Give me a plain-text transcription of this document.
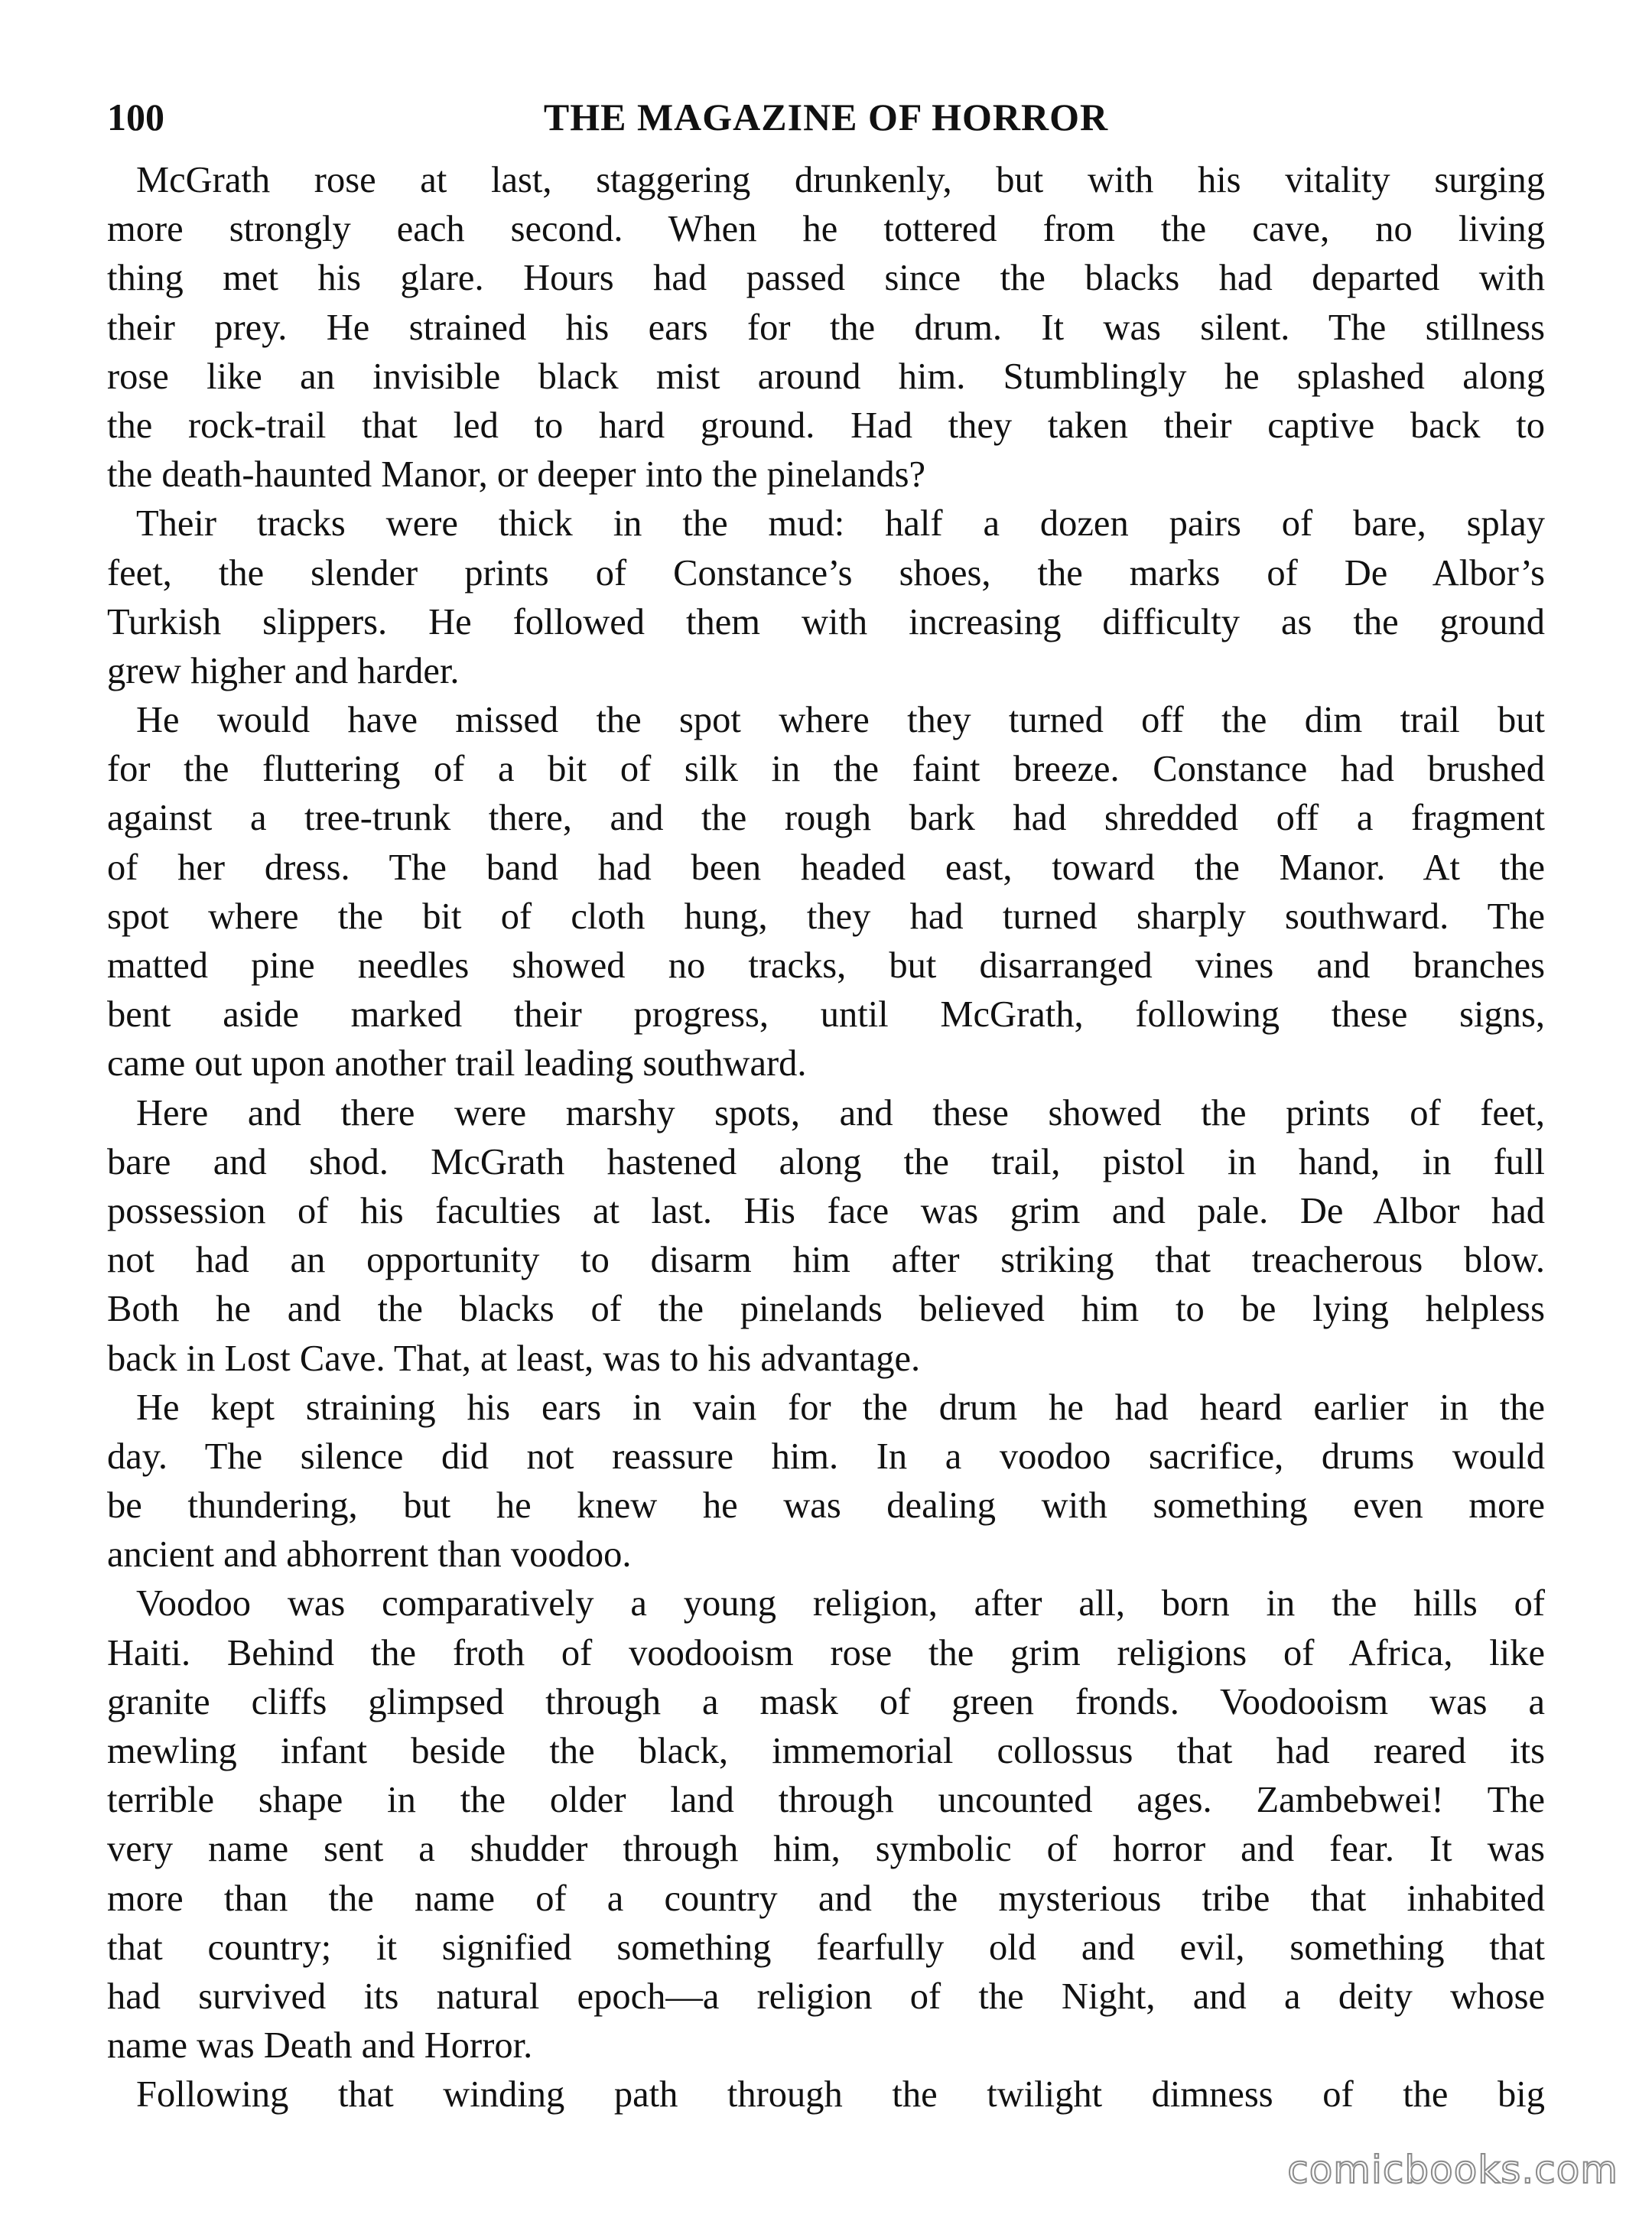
100	THE MAGAZINE OF HORROR
McGrath rose at last, staggering drunkenly, but with his vitality surging
more strongly each second. When he tottered from the cave, no living
thing met his glare. Hours had passed since the blacks had departed with
their prey. He strained his ears for the drum. It was silent. The stillness
rose like an invisible black mist around him. Stumblingly he splashed along
the rock-trail that led to hard ground. Had they taken their captive back to
the death-haunted Manor, or deeper into the pinelands?
Their tracks were thick in the mud: half a dozen pairs of bare, splay
feet, the slender prints of Constance’s shoes, the marks of De Albor’s
Turkish slippers. He followed them with increasing difficulty as the ground
grew higher and harder.
He would have missed the spot where they turned off the dim trail but
for the fluttering of a bit of silk in the faint breeze. Constance had brushed
against a tree-trunk there, and the rough bark had shredded off a fragment
of her dress. The band had been headed east, toward the Manor. At the
spot where the bit of cloth hung, they had turned sharply southward. The
matted pine needles showed no tracks, but disarranged vines and branches
bent aside marked their progress, until McGrath, following these signs,
came out upon another trail leading southward.
Here and there were marshy spots, and these showed the prints of feet,
bare and shod. McGrath hastened along the trail, pistol in hand, in full
possession of his faculties at last. His face was grim and pale. De Albor had
not had an opportunity to disarm him after striking that treacherous blow.
Both he and the blacks of the pinelands believed him to be lying helpless
back in Lost Cave. That, at least, was to his advantage.
He kept straining his ears in vain for the drum he had heard earlier in the
day. The silence did not reassure him. In a voodoo sacrifice, drums would
be thundering, but he knew he was dealing with something even more
ancient and abhorrent than voodoo.
Voodoo was comparatively a young religion, after all, born in the hills of
Haiti. Behind the froth of voodooism rose the grim religions of Africa, like
granite cliffs glimpsed through a mask of green fronds. Voodooism was a
mewling infant beside the black, immemorial collossus that had reared its
terrible shape in the older land through uncounted ages. Zambebwei! The
very name sent a shudder through him, symbolic of horror and fear. It was
more than the name of a country and the mysterious tribe that inhabited
that country; it signified something fearfully old and evil, something that
had survived its natural epoch—a religion of the Night, and a deity whose
name was Death and Horror.
Following that winding path through the twilight dimness of the big
comicbooks.com
